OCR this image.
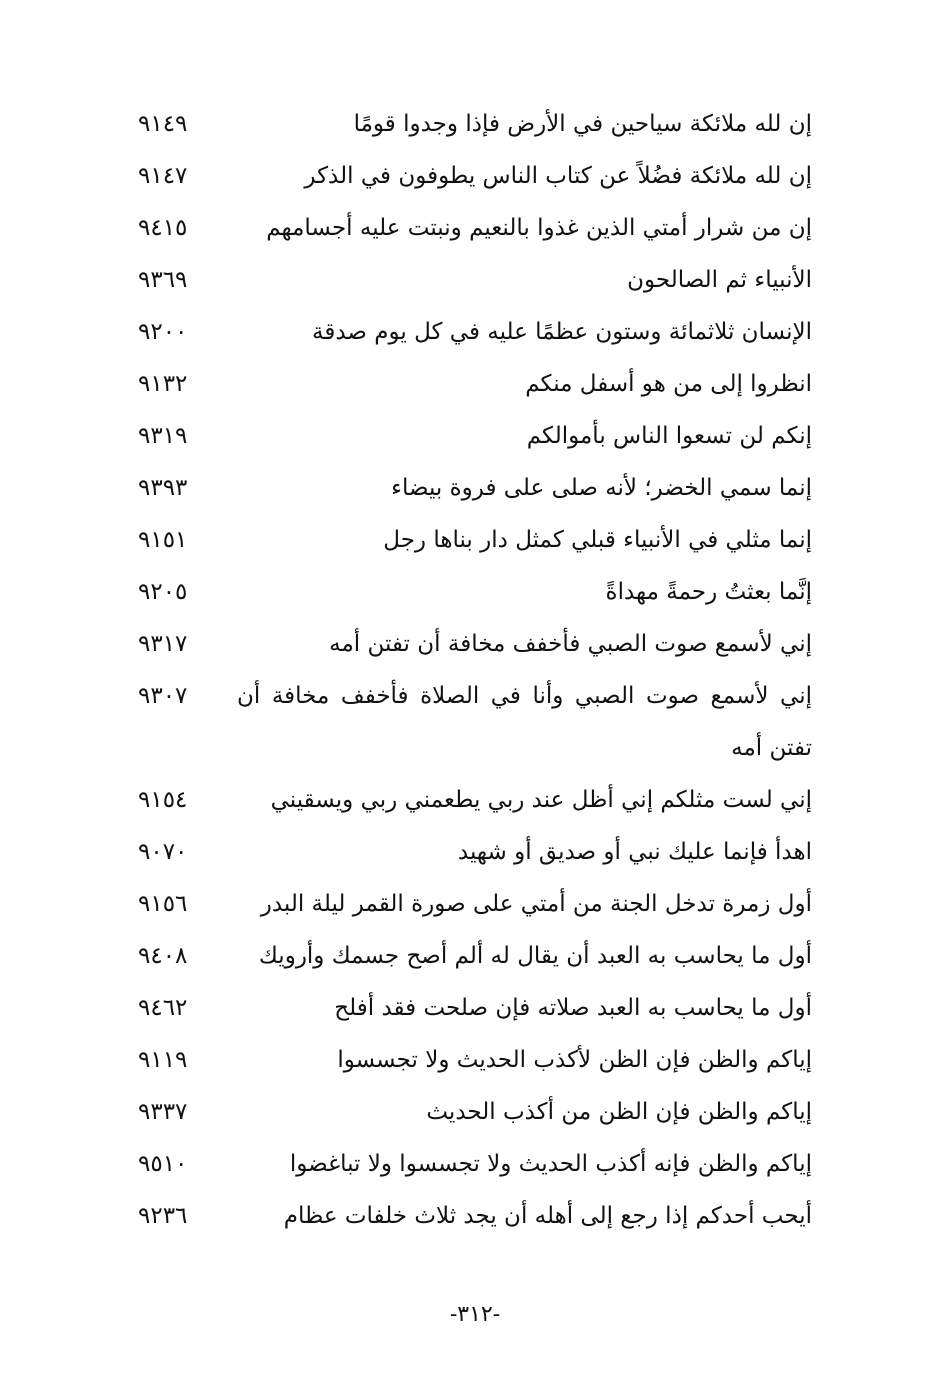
إن لله ملائكة سياحين في الأرض فإذا وجدوا قومًا
٩١٤٩
إن لله ملائكة فضُلاً عن كتاب الناس يطوفون في الذكر
٩١٤٧
إن من شرار أمتي الذين غذوا بالنعيم ونبتت عليه أجسامهم
٩٤١٥
الأنبياء ثم الصالحون
٩٣٦٩
الإنسان ثلاثمائة وستون عظمًا عليه في كل يوم صدقة
٩٢٠٠
انظروا إلى من هو أسفل منكم
٩١٣٢
إنكم لن تسعوا الناس بأموالكم
٩٣١٩
إنما سمي الخضر؛ لأنه صلى على فروة بيضاء
٩٣٩٣
إنما مثلي في الأنبياء قبلي كمثل دار بناها رجل
٩١٥١
إنَّما بعثتُ رحمةً مهداةً
٩٢٠٥
إني لأسمع صوت الصبي فأخفف مخافة أن تفتن أمه
٩٣١٧
إني لأسمع صوت الصبي وأنا في الصلاة فأخفف مخافة أن تفتن أمه
٩٣٠٧
إني لست مثلكم إني أظل عند ربي يطعمني ربي ويسقيني
٩١٥٤
اهدأ فإنما عليك نبي أو صديق أو شهيد
٩٠٧٠
أول زمرة تدخل الجنة من أمتي على صورة القمر ليلة البدر
٩١٥٦
أول ما يحاسب به العبد أن يقال له ألم أصح جسمك وأرويك
٩٤٠٨
أول ما يحاسب به العبد صلاته فإن صلحت فقد أفلح
٩٤٦٢
إياكم والظن فإن الظن لأكذب الحديث ولا تجسسوا
٩١١٩
إياكم والظن فإن الظن من أكذب الحديث
٩٣٣٧
إياكم والظن فإنه أكذب الحديث ولا تجسسوا ولا تباغضوا
٩٥١٠
أيحب أحدكم إذا رجع إلى أهله أن يجد ثلاث خلفات عظام
٩٢٣٦
-٣١٢-
